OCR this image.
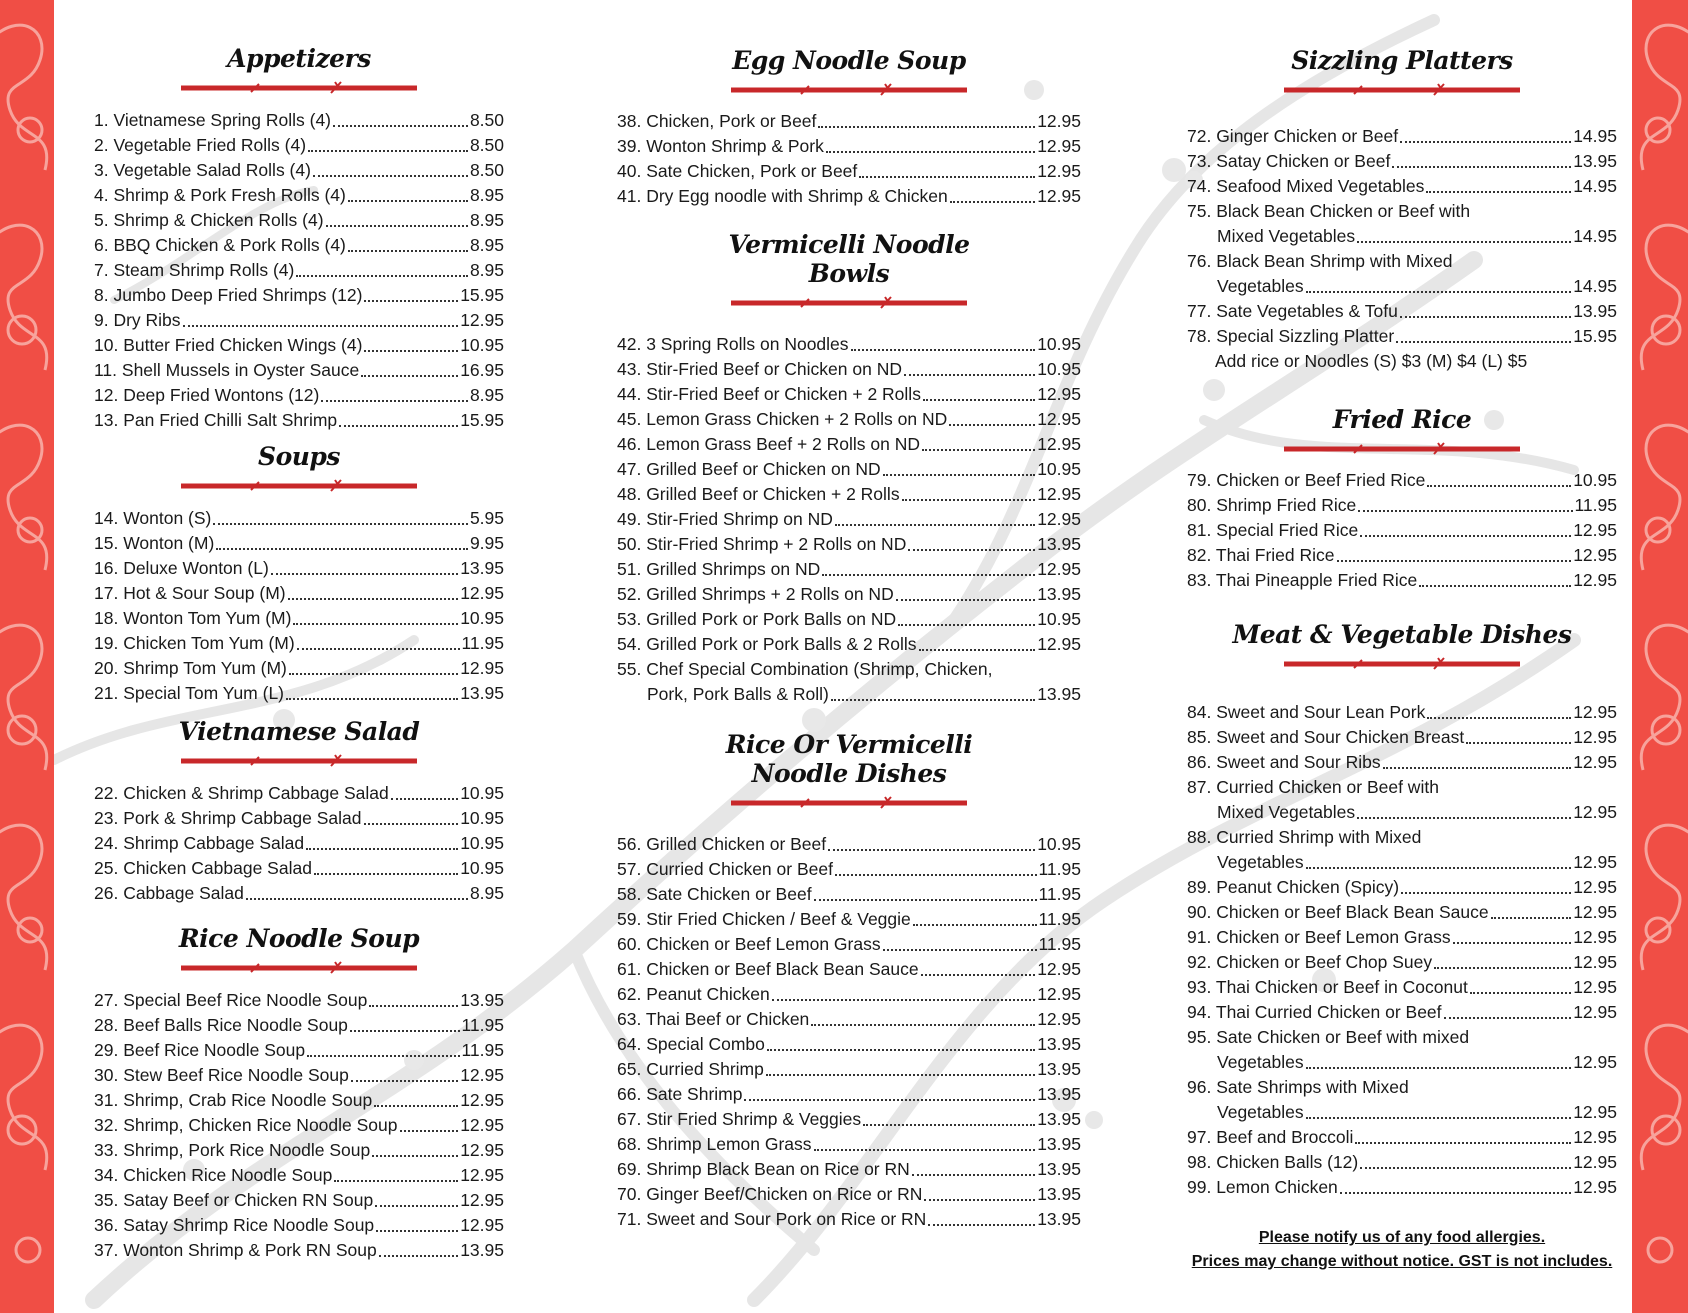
Appetizers
1. Vietnamese Spring Rolls (4)	8.50
2. Vegetable Fried Rolls (4)	8.50
3. Vegetable Salad Rolls (4)	8.50
4. Shrimp & Pork Fresh Rolls (4)	8.95
5. Shrimp & Chicken Rolls (4)	8.95
6. BBQ Chicken & Pork Rolls (4)	8.95
7. Steam Shrimp Rolls (4)	8.95
8. Jumbo Deep Fried Shrimps (12)	15.95
9. Dry Ribs	12.95
10. Butter Fried Chicken Wings (4)	10.95
11. Shell Mussels in Oyster Sauce	16.95
12. Deep Fried Wontons (12)	8.95
13. Pan Fried Chilli Salt Shrimp	15.95
Soups
14. Wonton (S)	5.95
15. Wonton (M)	9.95
16. Deluxe Wonton (L)	13.95
17. Hot & Sour Soup (M)	12.95
18. Wonton Tom Yum (M)	10.95
19. Chicken Tom Yum (M)	11.95
20. Shrimp Tom Yum (M)	12.95
21. Special Tom Yum (L)	13.95
Vietnamese Salad
22. Chicken & Shrimp Cabbage Salad	10.95
23. Pork & Shrimp Cabbage Salad	10.95
24. Shrimp Cabbage Salad	10.95
25. Chicken Cabbage Salad	10.95
26. Cabbage Salad	8.95
Rice Noodle Soup
27. Special Beef Rice Noodle Soup	13.95
28. Beef Balls Rice Noodle Soup	11.95
29. Beef Rice Noodle Soup	11.95
30. Stew Beef Rice Noodle Soup	12.95
31. Shrimp, Crab Rice Noodle Soup	12.95
32. Shrimp, Chicken Rice Noodle Soup	12.95
33. Shrimp, Pork Rice Noodle Soup	12.95
34. Chicken Rice Noodle Soup	12.95
35. Satay Beef or Chicken RN Soup	12.95
36. Satay Shrimp Rice Noodle Soup	12.95
37. Wonton Shrimp & Pork RN Soup	13.95
Egg Noodle Soup
38. Chicken, Pork or Beef	12.95
39. Wonton Shrimp & Pork	12.95
40. Sate Chicken, Pork or Beef	12.95
41. Dry Egg noodle with Shrimp & Chicken	12.95
Vermicelli Noodle
Bowls
42. 3 Spring Rolls on Noodles	10.95
43. Stir-Fried Beef or Chicken on ND	10.95
44. Stir-Fried Beef or Chicken + 2 Rolls	12.95
45. Lemon Grass Chicken + 2 Rolls on ND	12.95
46. Lemon Grass Beef + 2 Rolls on ND	12.95
47. Grilled Beef or Chicken on ND	10.95
48. Grilled Beef or Chicken + 2 Rolls	12.95
49. Stir-Fried Shrimp on ND	12.95
50. Stir-Fried Shrimp + 2 Rolls on ND	13.95
51. Grilled Shrimps on ND	12.95
52. Grilled Shrimps + 2 Rolls on ND	13.95
53. Grilled Pork or Pork Balls on ND	10.95
54. Grilled Pork or Pork Balls & 2 Rolls	12.95
55. Chef Special Combination (Shrimp, Chicken,
Pork, Pork Balls & Roll)	13.95
Rice Or Vermicelli
Noodle Dishes
56. Grilled Chicken or Beef	10.95
57. Curried Chicken or Beef	11.95
58. Sate Chicken or Beef	11.95
59. Stir Fried Chicken / Beef & Veggie	11.95
60. Chicken or Beef Lemon Grass	11.95
61. Chicken or Beef Black Bean Sauce	12.95
62. Peanut Chicken	12.95
63. Thai Beef or Chicken	12.95
64. Special Combo	13.95
65. Curried Shrimp	13.95
66. Sate Shrimp	13.95
67. Stir Fried Shrimp & Veggies	13.95
68. Shrimp Lemon Grass	13.95
69. Shrimp Black Bean on Rice or RN	13.95
70. Ginger Beef/Chicken on Rice or RN	13.95
71. Sweet and Sour Pork on Rice or RN	13.95
Sizzling Platters
72. Ginger Chicken or Beef	14.95
73. Satay Chicken or Beef	13.95
74. Seafood Mixed Vegetables	14.95
75. Black Bean Chicken or Beef with
Mixed Vegetables	14.95
76. Black Bean Shrimp with Mixed
Vegetables	14.95
77. Sate Vegetables & Tofu	13.95
78. Special Sizzling Platter	15.95
Add rice or Noodles (S) $3 (M) $4 (L) $5
Fried Rice
79. Chicken or Beef Fried Rice	10.95
80. Shrimp Fried Rice	11.95
81. Special Fried Rice	12.95
82. Thai Fried Rice	12.95
83. Thai Pineapple Fried Rice	12.95
Meat & Vegetable Dishes
84. Sweet and Sour Lean Pork	12.95
85. Sweet and Sour Chicken Breast	12.95
86. Sweet and Sour Ribs	12.95
87. Curried Chicken or Beef with
Mixed Vegetables	12.95
88. Curried Shrimp with Mixed
Vegetables	12.95
89. Peanut Chicken (Spicy)	12.95
90. Chicken or Beef Black Bean Sauce	12.95
91. Chicken or Beef Lemon Grass	12.95
92. Chicken or Beef Chop Suey	12.95
93. Thai Chicken or Beef in Coconut	12.95
94. Thai Curried Chicken or Beef	12.95
95. Sate Chicken or Beef with mixed
Vegetables	12.95
96. Sate Shrimps with Mixed
Vegetables	12.95
97. Beef and Broccoli	12.95
98. Chicken Balls (12)	12.95
99. Lemon Chicken	12.95
Please notify us of any food allergies.
Prices may change without notice. GST is not includes.
